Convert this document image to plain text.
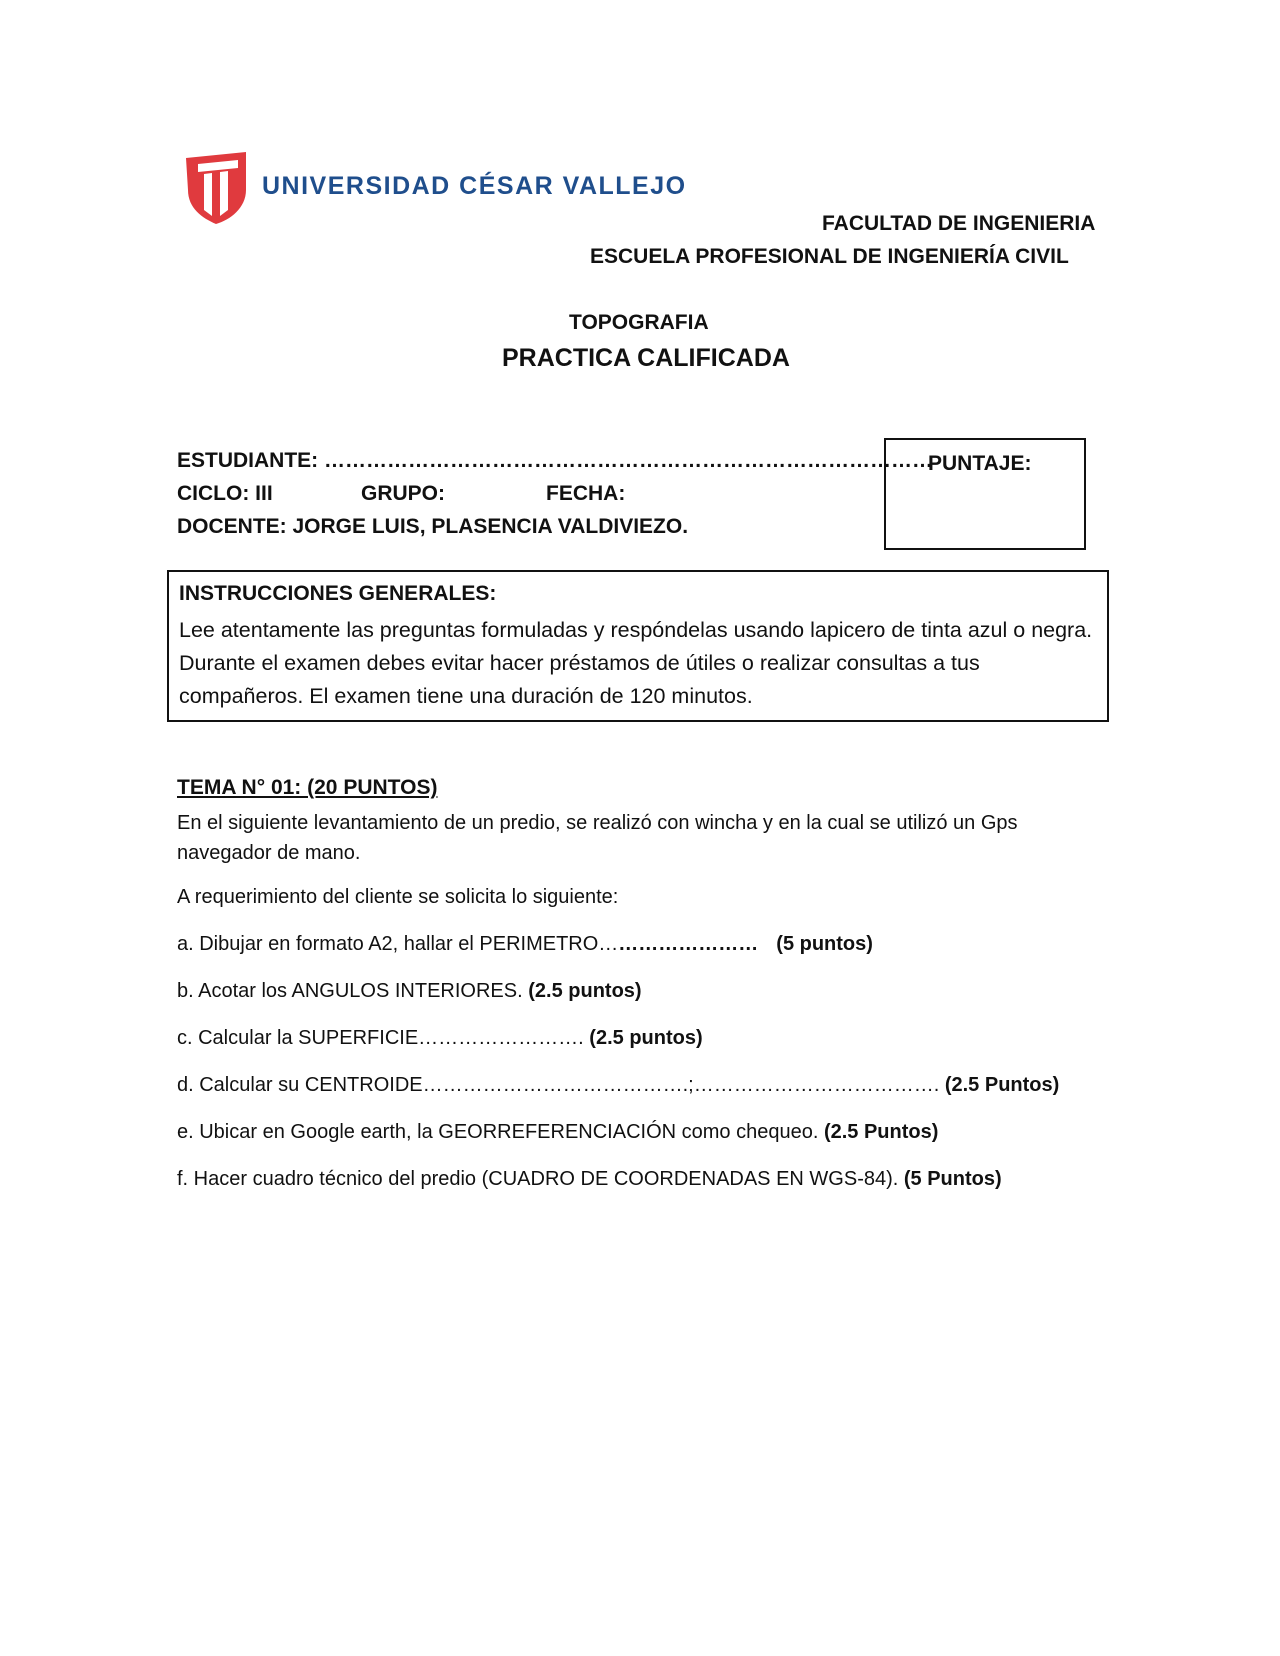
UNIVERSIDAD CÉSAR VALLEJO
FACULTAD DE INGENIERIA
ESCUELA PROFESIONAL DE INGENIERÍA CIVIL
TOPOGRAFIA
PRACTICA CALIFICADA
ESTUDIANTE: ……………………………………………………………………………
CICLO: III	GRUPO:	FECHA:
DOCENTE: JORGE LUIS, PLASENCIA VALDIVIEZO.
PUNTAJE:
INSTRUCCIONES GENERALES:
Lee atentamente las preguntas formuladas y respóndelas usando lapicero de tinta azul o negra. Durante el examen debes evitar hacer préstamos de útiles o realizar consultas a tus compañeros. El examen tiene una duración de 120 minutos.
TEMA N° 01: (20 PUNTOS)
En el siguiente levantamiento de un predio, se realizó con wincha y en la cual se utilizó un Gps navegador de mano.
A requerimiento del cliente se solicita lo siguiente:
a. Dibujar en formato A2, hallar el PERIMETRO…………………… (5 puntos)
b. Acotar los ANGULOS INTERIORES. (2.5 puntos)
c. Calcular la SUPERFICIE……………………. (2.5 puntos)
d. Calcular su CENTROIDE………………………………….;………………………………. (2.5 Puntos)
e. Ubicar en Google earth, la GEORREFERENCIACIÓN como chequeo. (2.5 Puntos)
f. Hacer cuadro técnico del predio (CUADRO DE COORDENADAS EN WGS-84). (5 Puntos)
